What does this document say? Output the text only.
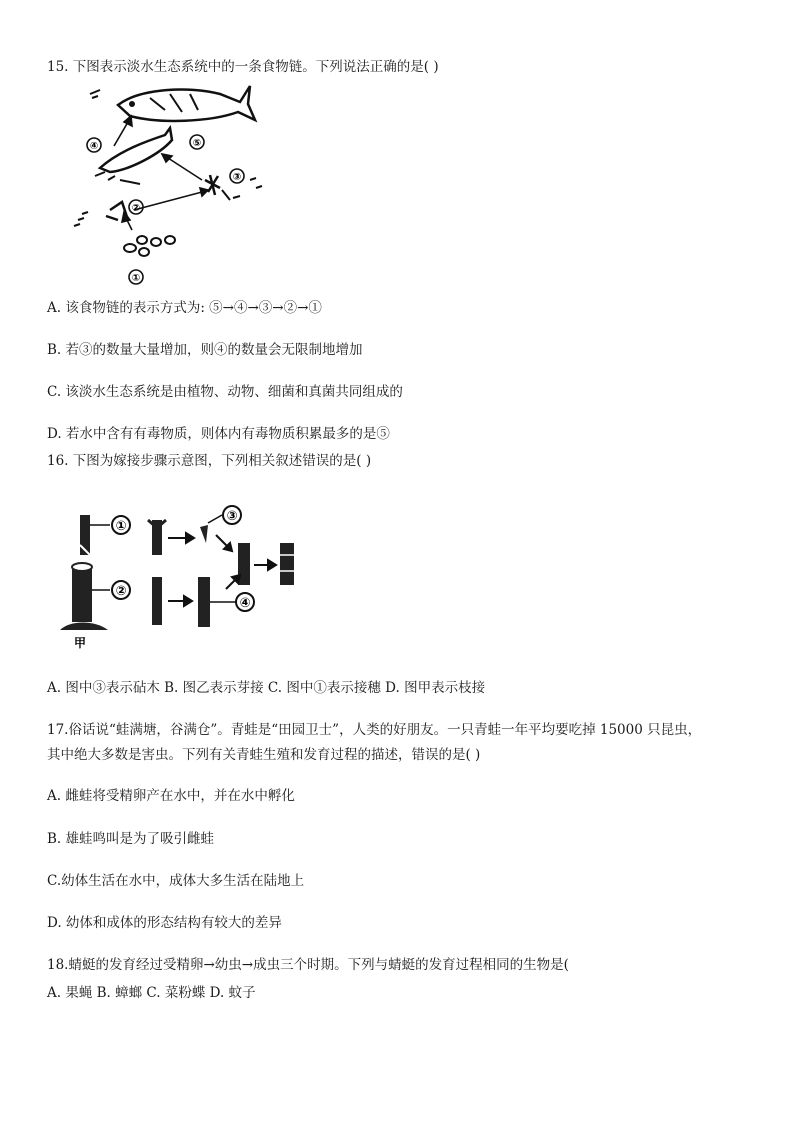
15. 下图表示淡水生态系统中的一条食物链。下列说法正确的是( )
④	⑤
③
②
①
A. 该食物链的表示方式为: ⑤→④→③→②→①
B. 若③的数量大量增加，则④的数量会无限制地增加
C. 该淡水生态系统是由植物、动物、细菌和真菌共同组成的
D. 若水中含有有毒物质，则体内有毒物质积累最多的是⑤
16. 下图为嫁接步骤示意图，下列相关叙述错误的是( )
①
②
甲
③
④
A. 图中③表示砧木 B. 图乙表示芽接 C. 图中①表示接穗 D. 图甲表示枝接
17.俗话说“蛙满塘，谷满仓”。青蛙是“田园卫士”，人类的好朋友。一只青蛙一年平均要吃掉 15000 只昆虫，
其中绝大多数是害虫。下列有关青蛙生殖和发育过程的描述，错误的是( )
A. 雌蛙将受精卵产在水中，并在水中孵化
B. 雄蛙鸣叫是为了吸引雌蛙
C.幼体生活在水中，成体大多生活在陆地上
D. 幼体和成体的形态结构有较大的差异
18.蜻蜓的发育经过受精卵→幼虫→成虫三个时期。下列与蜻蜓的发育过程相同的生物是(
A. 果蝇 B. 蟑螂 C. 菜粉蝶 D. 蚊子
